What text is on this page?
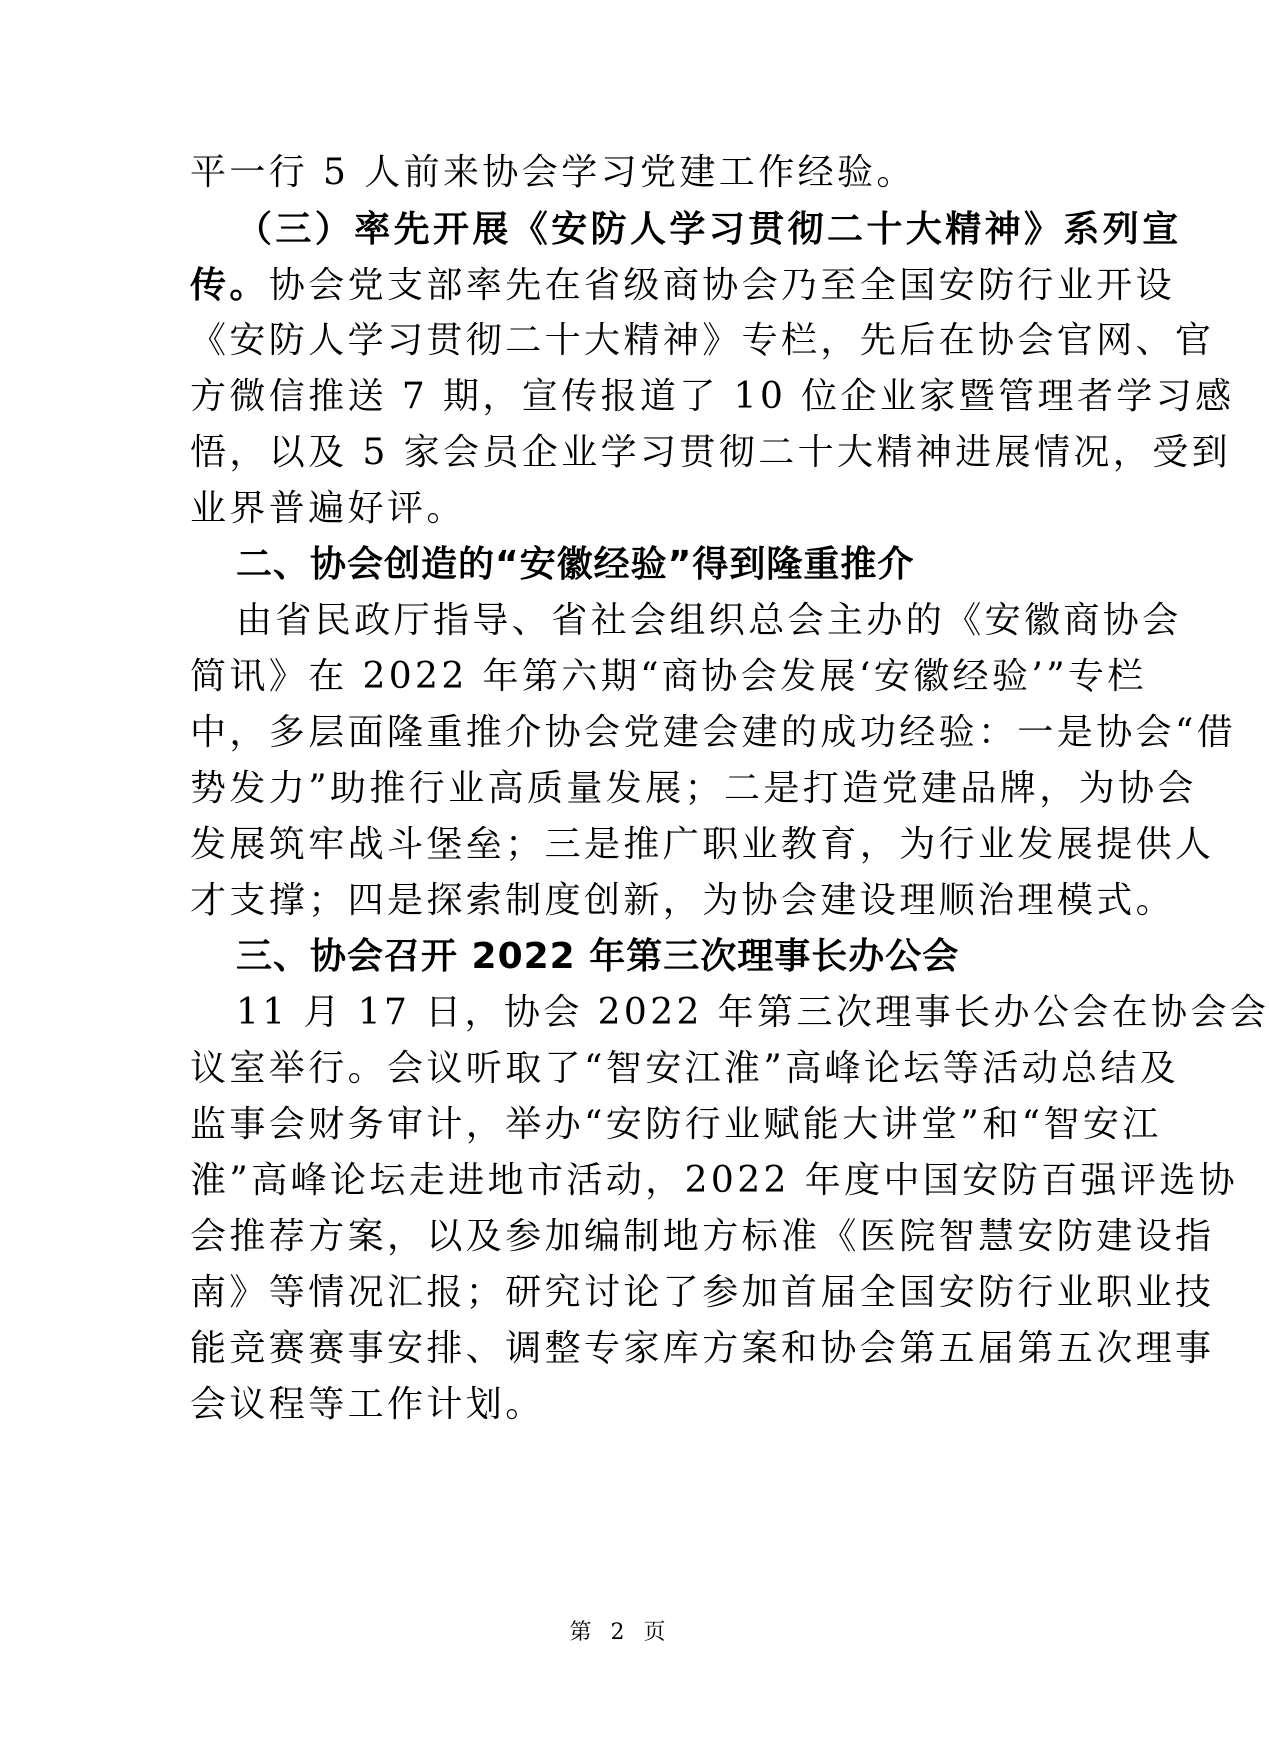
平一行 5 人前来协会学习党建工作经验。
（三）率先开展《安防人学习贯彻二十大精神》系列宣
传。协会党支部率先在省级商协会乃至全国安防行业开设
《安防人学习贯彻二十大精神》专栏，先后在协会官网、官
方微信推送 7 期，宣传报道了 10 位企业家暨管理者学习感
悟，以及 5 家会员企业学习贯彻二十大精神进展情况，受到
业界普遍好评。
二、协会创造的“安徽经验”得到隆重推介
由省民政厅指导、省社会组织总会主办的《安徽商协会
简讯》在 2022 年第六期“商协会发展‘安徽经验’”专栏
中，多层面隆重推介协会党建会建的成功经验：一是协会“借
势发力”助推行业高质量发展；二是打造党建品牌，为协会
发展筑牢战斗堡垒；三是推广职业教育，为行业发展提供人
才支撑；四是探索制度创新，为协会建设理顺治理模式。
三、协会召开 2022 年第三次理事长办公会
11 月 17 日，协会 2022 年第三次理事长办公会在协会会
议室举行。会议听取了“智安江淮”高峰论坛等活动总结及
监事会财务审计，举办“安防行业赋能大讲堂”和“智安江
淮”高峰论坛走进地市活动，2022 年度中国安防百强评选协
会推荐方案，以及参加编制地方标准《医院智慧安防建设指
南》等情况汇报；研究讨论了参加首届全国安防行业职业技
能竞赛赛事安排、调整专家库方案和协会第五届第五次理事
会议程等工作计划。
第 2 页
